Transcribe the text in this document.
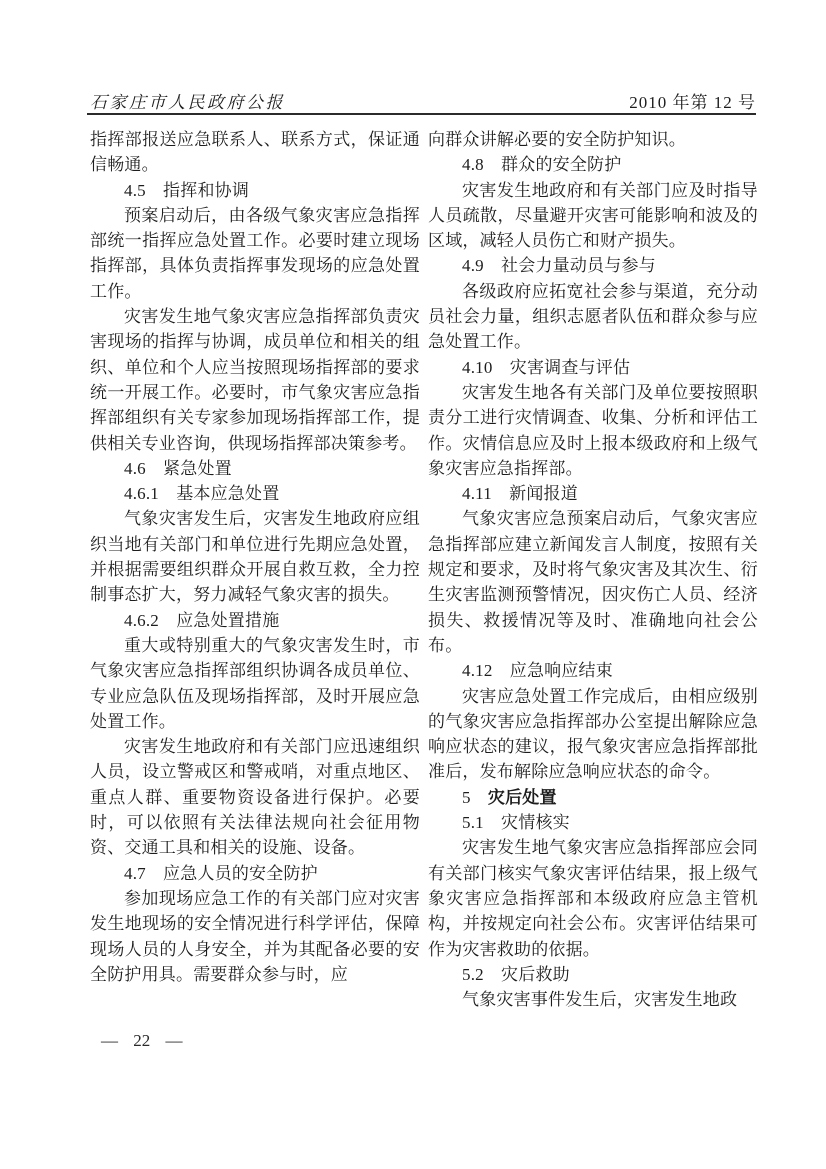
石家庄市人民政府公报	2010 年第 12 号

指挥部报送应急联系人、联系方式，保证通信畅通。

4.5　指挥和协调

预案启动后，由各级气象灾害应急指挥部统一指挥应急处置工作。必要时建立现场指挥部，具体负责指挥事发现场的应急处置工作。

灾害发生地气象灾害应急指挥部负责灾害现场的指挥与协调，成员单位和相关的组织、单位和个人应当按照现场指挥部的要求统一开展工作。必要时，市气象灾害应急指挥部组织有关专家参加现场指挥部工作，提供相关专业咨询，供现场指挥部决策参考。

4.6　紧急处置

4.6.1　基本应急处置

气象灾害发生后，灾害发生地政府应组织当地有关部门和单位进行先期应急处置，并根据需要组织群众开展自救互救，全力控制事态扩大，努力减轻气象灾害的损失。

4.6.2　应急处置措施

重大或特别重大的气象灾害发生时，市气象灾害应急指挥部组织协调各成员单位、专业应急队伍及现场指挥部，及时开展应急处置工作。

灾害发生地政府和有关部门应迅速组织人员，设立警戒区和警戒哨，对重点地区、重点人群、重要物资设备进行保护。必要时，可以依照有关法律法规向社会征用物资、交通工具和相关的设施、设备。

4.7　应急人员的安全防护

参加现场应急工作的有关部门应对灾害发生地现场的安全情况进行科学评估，保障现场人员的人身安全，并为其配备必要的安全防护用具。需要群众参与时，应

向群众讲解必要的安全防护知识。

4.8　群众的安全防护

灾害发生地政府和有关部门应及时指导人员疏散，尽量避开灾害可能影响和波及的区域，减轻人员伤亡和财产损失。

4.9　社会力量动员与参与

各级政府应拓宽社会参与渠道，充分动员社会力量，组织志愿者队伍和群众参与应急处置工作。

4.10　灾害调查与评估

灾害发生地各有关部门及单位要按照职责分工进行灾情调查、收集、分析和评估工作。灾情信息应及时上报本级政府和上级气象灾害应急指挥部。

4.11　新闻报道

气象灾害应急预案启动后，气象灾害应急指挥部应建立新闻发言人制度，按照有关规定和要求，及时将气象灾害及其次生、衍生灾害监测预警情况，因灾伤亡人员、经济损失、救援情况等及时、准确地向社会公布。

4.12　应急响应结束

灾害应急处置工作完成后，由相应级别的气象灾害应急指挥部办公室提出解除应急响应状态的建议，报气象灾害应急指挥部批准后，发布解除应急响应状态的命令。

5　 灾后处置

5.1　灾情核实

灾害发生地气象灾害应急指挥部应会同有关部门核实气象灾害评估结果，报上级气象灾害应急指挥部和本级政府应急主管机构，并按规定向社会公布。灾害评估结果可作为灾害救助的依据。

5.2　灾后救助

气象灾害事件发生后，灾害发生地政

— 22 —
